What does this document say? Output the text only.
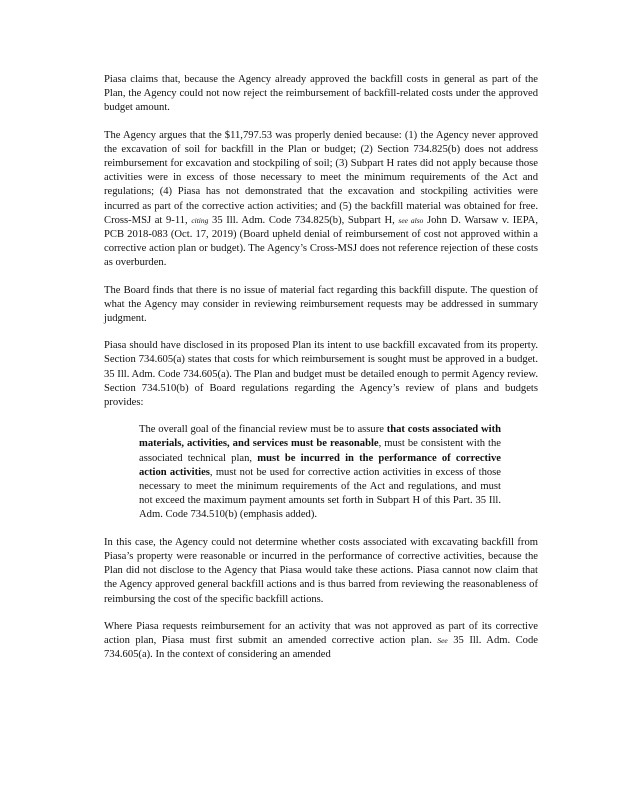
Piasa claims that, because the Agency already approved the backfill costs in general as part of the Plan, the Agency could not now reject the reimbursement of backfill-related costs under the approved budget amount.

The Agency argues that the $11,797.53 was properly denied because: (1) the Agency never approved the excavation of soil for backfill in the Plan or budget; (2) Section 734.825(b) does not address reimbursement for excavation and stockpiling of soil; (3) Subpart H rates did not apply because those activities were in excess of those necessary to meet the minimum requirements of the Act and regulations; (4) Piasa has not demonstrated that the excavation and stockpiling activities were incurred as part of the corrective action activities; and (5) the backfill material was obtained for free. Cross-MSJ at 9-11, citing 35 Ill. Adm. Code 734.825(b), Subpart H, see also John D. Warsaw v. IEPA, PCB 2018-083 (Oct. 17, 2019) (Board upheld denial of reimbursement of cost not approved within a corrective action plan or budget). The Agency’s Cross-MSJ does not reference rejection of these costs as overburden.

The Board finds that there is no issue of material fact regarding this backfill dispute. The question of what the Agency may consider in reviewing reimbursement requests may be addressed in summary judgment.

Piasa should have disclosed in its proposed Plan its intent to use backfill excavated from its property. Section 734.605(a) states that costs for which reimbursement is sought must be approved in a budget. 35 Ill. Adm. Code 734.605(a). The Plan and budget must be detailed enough to permit Agency review. Section 734.510(b) of Board regulations regarding the Agency’s review of plans and budgets provides:

The overall goal of the financial review must be to assure that costs associated with materials, activities, and services must be reasonable, must be consistent with the associated technical plan, must be incurred in the performance of corrective action activities, must not be used for corrective action activities in excess of those necessary to meet the minimum requirements of the Act and regulations, and must not exceed the maximum payment amounts set forth in Subpart H of this Part. 35 Ill. Adm. Code 734.510(b) (emphasis added).

In this case, the Agency could not determine whether costs associated with excavating backfill from Piasa’s property were reasonable or incurred in the performance of corrective activities, because the Plan did not disclose to the Agency that Piasa would take these actions. Piasa cannot now claim that the Agency approved general backfill actions and is thus barred from reviewing the reasonableness of reimbursing the cost of the specific backfill actions.

Where Piasa requests reimbursement for an activity that was not approved as part of its corrective action plan, Piasa must first submit an amended corrective action plan. See 35 Ill. Adm. Code 734.605(a). In the context of considering an amended
